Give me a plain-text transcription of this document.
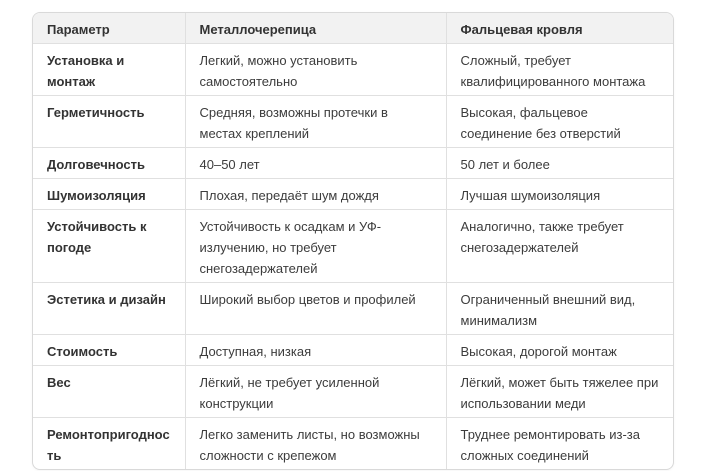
Параметр	Металлочерепица	Фальцевая кровля
Установка и монтаж	Легкий, можно установить самостоятельно	Сложный, требует квалифицированного монтажа
Герметичность	Средняя, возможны протечки в местах креплений	Высокая, фальцевое соединение без отверстий
Долговечность	40–50 лет	50 лет и более
Шумоизоляция	Плохая, передаёт шум дождя	Лучшая шумоизоляция
Устойчивость к погоде	Устойчивость к осадкам и УФ-излучению, но требует снегозадержателей	Аналогично, также требует снегозадержателей
Эстетика и дизайн	Широкий выбор цветов и профилей	Ограниченный внешний вид, минимализм
Стоимость	Доступная, низкая	Высокая, дорогой монтаж
Вес	Лёгкий, не требует усиленной конструкции	Лёгкий, может быть тяжелее при использовании меди
Ремонтопригодность	Легко заменить листы, но возможны сложности с крепежом	Труднее ремонтировать из-за сложных соединений
